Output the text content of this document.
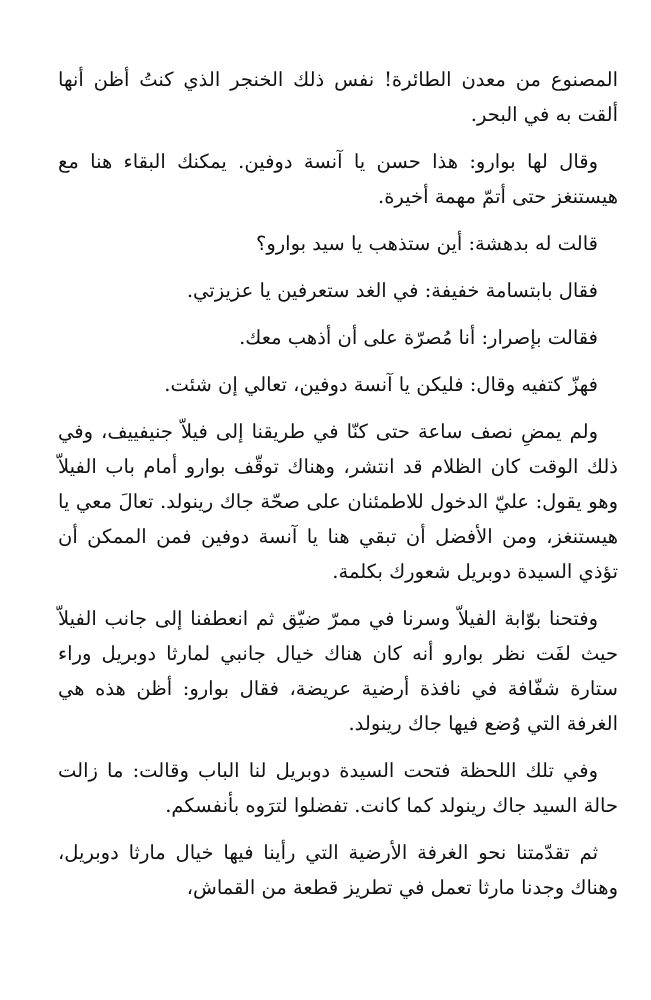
المصنوع من معدن الطائرة! نفس ذلك الخنجر الذي كنتُ أظن أنها ألقت به في البحر.

وقال لها بوارو: هذا حسن يا آنسة دوفين. يمكنك البقاء هنا مع هيستنغز حتى أتمّ مهمة أخيرة.

قالت له بدهشة: أين ستذهب يا سيد بوارو؟

فقال بابتسامة خفيفة: في الغد ستعرفين يا عزيزتي.

فقالت بإصرار: أنا مُصرّة على أن أذهب معك.

فهزّ كتفيه وقال: فليكن يا آنسة دوفين، تعالي إن شئت.

ولم يمضِ نصف ساعة حتى كنّا في طريقنا إلى فيلاّ جنيفييف، وفي ذلك الوقت كان الظلام قد انتشر، وهناك توقّف بوارو أمام باب الفيلاّ وهو يقول: عليّ الدخول للاطمئنان على صحّة جاك رينولد. تعالَ معي يا هيستنغز، ومن الأفضل أن تبقي هنا يا آنسة دوفين فمن الممكن أن تؤذي السيدة دوبريل شعورك بكلمة.

وفتحنا بوّابة الفيلاّ وسرنا في ممرّ ضيّق ثم انعطفنا إلى جانب الفيلاّ حيث لفَت نظر بوارو أنه كان هناك خيال جانبي لمارثا دوبريل وراء ستارة شفّافة في نافذة أرضية عريضة، فقال بوارو: أظن هذه هي الغرفة التي وُضع فيها جاك رينولد.

وفي تلك اللحظة فتحت السيدة دوبريل لنا الباب وقالت: ما زالت حالة السيد جاك رينولد كما كانت. تفضلوا لترَوه بأنفسكم.

ثم تقدّمتنا نحو الغرفة الأرضية التي رأينا فيها خيال مارثا دوبريل، وهناك وجدنا مارثا تعمل في تطريز قطعة من القماش،
